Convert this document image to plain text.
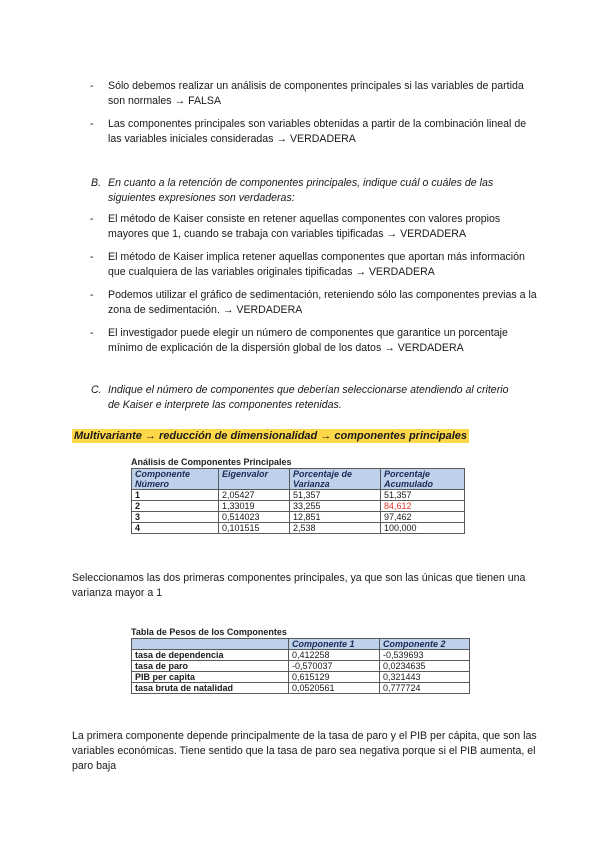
- Sólo debemos realizar un análisis de componentes principales si las variables de partida son normales → FALSA
- Las componentes principales son variables obtenidas a partir de la combinación lineal de las variables iniciales consideradas → VERDADERA
B. En cuanto a la retención de componentes principales, indique cuál o cuáles de las siguientes expresiones son verdaderas:
- El método de Kaiser consiste en retener aquellas componentes con valores propios mayores que 1, cuando se trabaja con variables tipificadas → VERDADERA
- El método de Kaiser implica retener aquellas componentes que aportan más información que cualquiera de las variables originales tipificadas → VERDADERA
- Podemos utilizar el gráfico de sedimentación, reteniendo sólo las componentes previas a la zona de sedimentación. → VERDADERA
- El investigador puede elegir un número de componentes que garantice un porcentaje mínimo de explicación de la dispersión global de los datos → VERDADERA
C. Indique el número de componentes que deberían seleccionarse atendiendo al criterio de Kaiser e interprete las componentes retenidas.
Multivariante → reducción de dimensionalidad → componentes principales
Análisis de Componentes Principales
Componente Número	Eigenvalor	Porcentaje de Varianza	Porcentaje Acumulado
1	2,05427	51,357	51,357
2	1,33019	33,255	84,612
3	0,514023	12,851	97,462
4	0,101515	2,538	100,000
Seleccionamos las dos primeras componentes principales, ya que son las únicas que tienen una varianza mayor a 1
Tabla de Pesos de los Componentes
	Componente 1	Componente 2
tasa de dependencia	0,412258	-0,539693
tasa de paro	-0,570037	0,0234635
PIB per capita	0,615129	0,321443
tasa bruta de natalidad	0,0520561	0,777724
La primera componente depende principalmente de la tasa de paro y el PIB per cápita, que son las variables económicas. Tiene sentido que la tasa de paro sea negativa porque si el PIB aumenta, el paro baja
